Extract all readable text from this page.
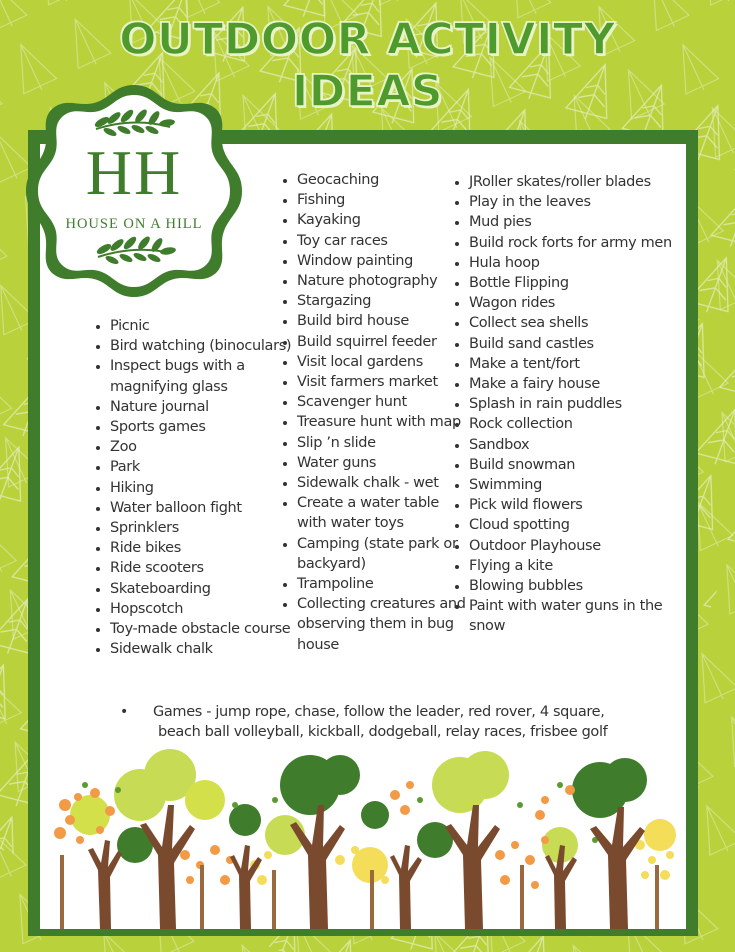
OUTDOOR ACTIVITY
IDEAS
HH
HOUSE ON A HILL
• Picnic
• Bird watching (binoculars)
• Inspect bugs with a magnifying glass
• Nature journal
• Sports games
• Zoo
• Park
• Hiking
• Water balloon fight
• Sprinklers
• Ride bikes
• Ride scooters
• Skateboarding
• Hopscotch
• Toy-made obstacle course
• Sidewalk chalk
• Geocaching
• Fishing
• Kayaking
• Toy car races
• Window painting
• Nature photography
• Stargazing
• Build bird house
• Build squirrel feeder
• Visit local gardens
• Visit farmers market
• Scavenger hunt
• Treasure hunt with map
• Slip ’n slide
• Water guns
• Sidewalk chalk - wet
• Create a water table with water toys
• Camping (state park or backyard)
• Trampoline
• Collecting creatures and observing them in bug house
• JRoller skates/roller blades
• Play in the leaves
• Mud pies
• Build rock forts for army men
• Hula hoop
• Bottle Flipping
• Wagon rides
• Collect sea shells
• Build sand castles
• Make a tent/fort
• Make a fairy house
• Splash in rain puddles
• Rock collection
• Sandbox
• Build snowman
• Swimming
• Pick wild flowers
• Cloud spotting
• Outdoor Playhouse
• Flying a kite
• Blowing bubbles
• Paint with water guns in the snow
• Games - jump rope, chase, follow the leader, red rover, 4 square,
beach ball volleyball, kickball, dodgeball, relay races, frisbee golf
